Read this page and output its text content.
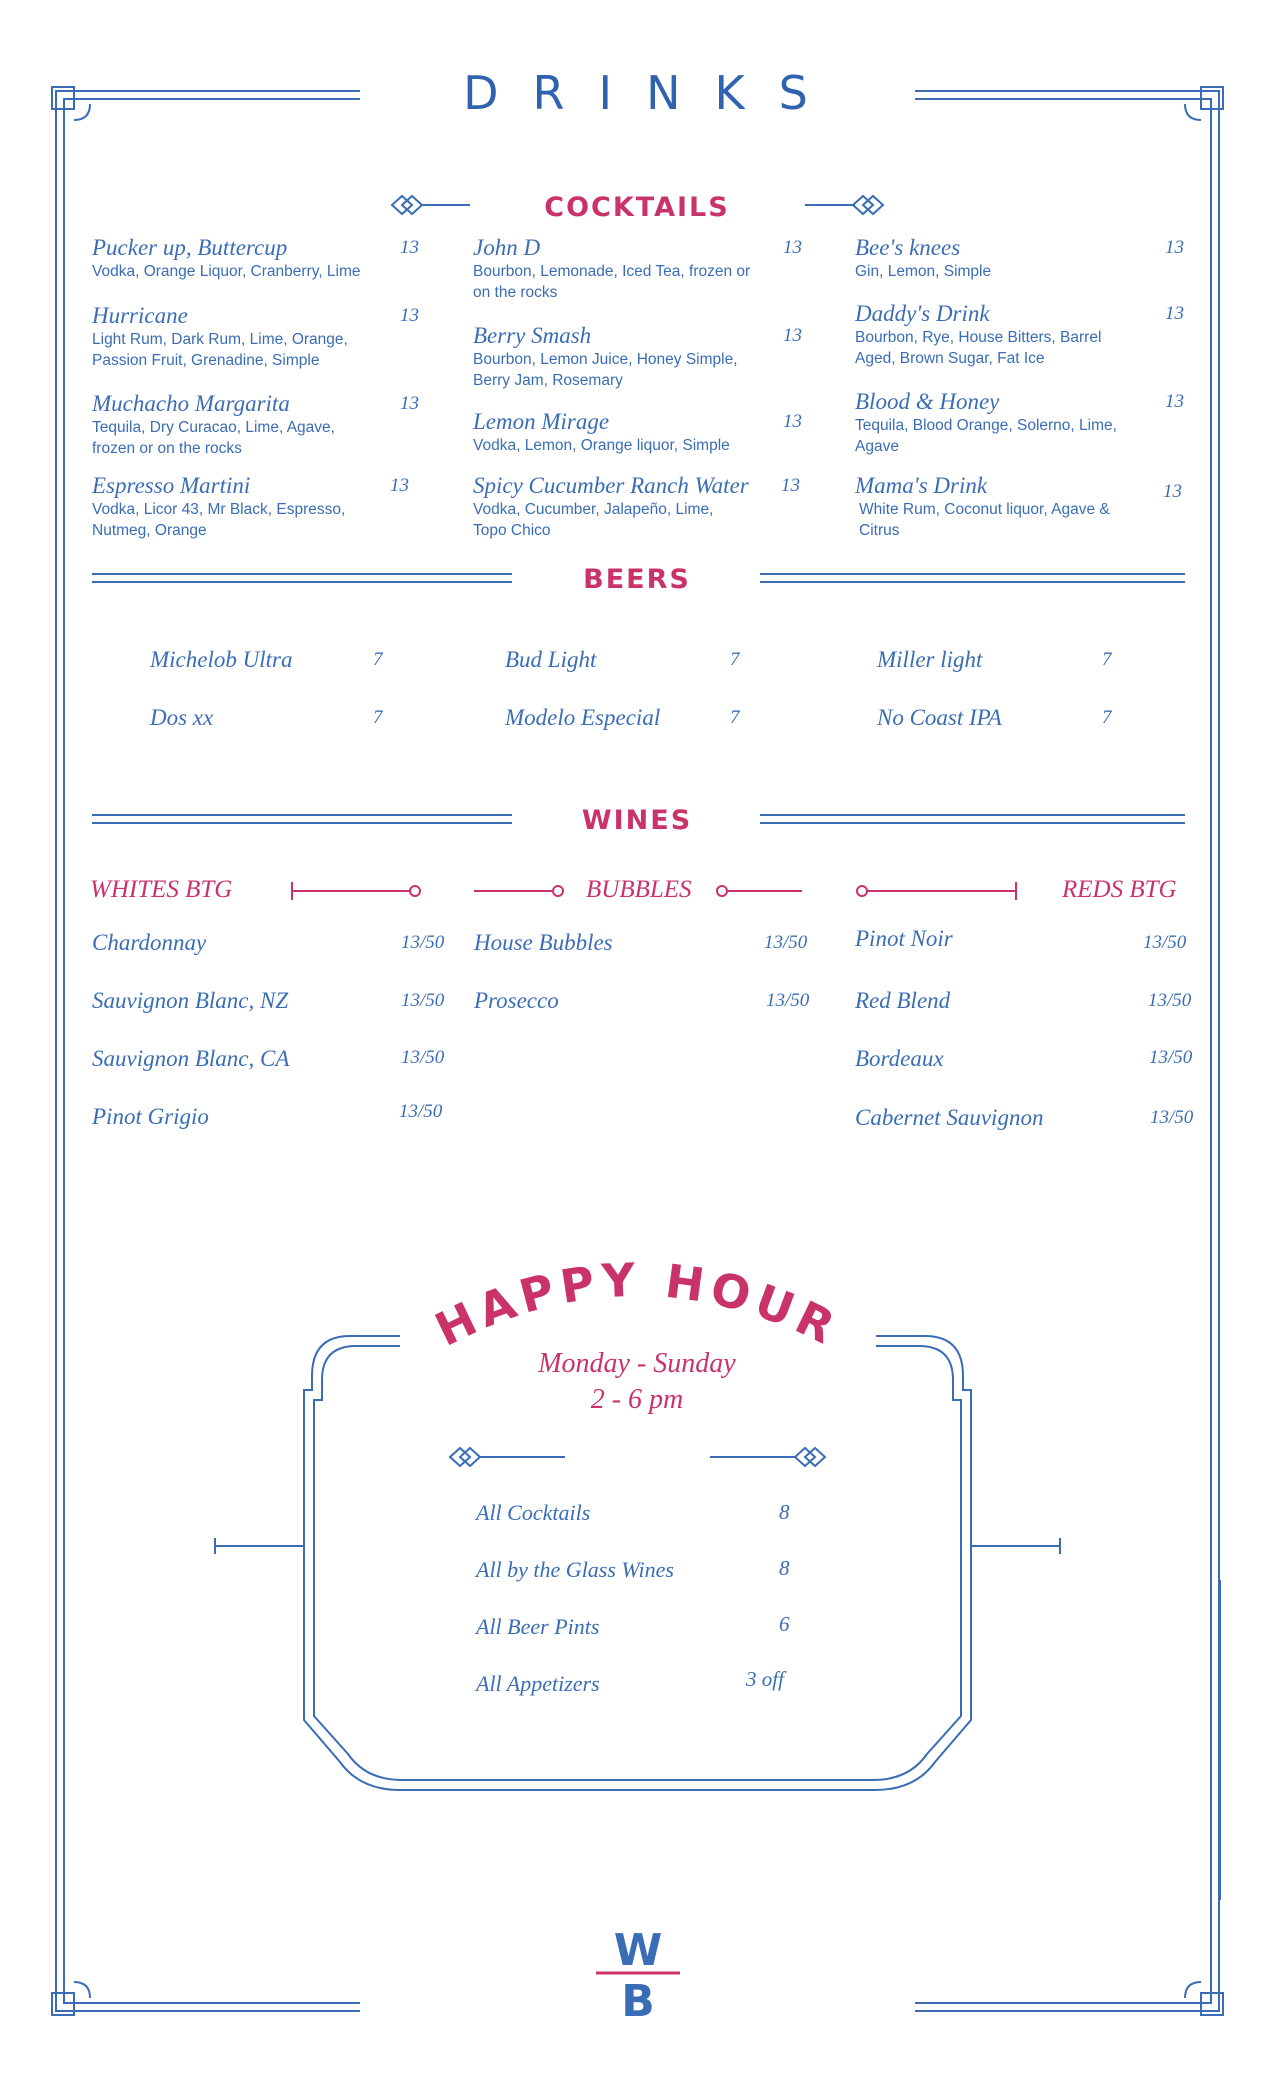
HAPPY HOUR
W
B
DRINKS
COCKTAILS
Pucker up, Buttercup	13
Vodka, Orange Liquor, Cranberry, Lime
Hurricane	13
Light Rum, Dark Rum, Lime, Orange, Passion Fruit, Grenadine, Simple
Muchacho Margarita	13
Tequila, Dry Curacao, Lime, Agave, frozen or on the rocks
Espresso Martini	13
Vodka, Licor 43, Mr Black, Espresso, Nutmeg, Orange
John D	13
Bourbon, Lemonade, Iced Tea, frozen or on the rocks
Berry Smash	13
Bourbon, Lemon Juice, Honey Simple, Berry Jam, Rosemary
Lemon Mirage	13
Vodka, Lemon, Orange liquor, Simple
Spicy Cucumber Ranch Water	13
Vodka, Cucumber, Jalapeño, Lime, Topo Chico
Bee's knees	13
Gin, Lemon, Simple
Daddy's Drink	13
Bourbon, Rye, House Bitters, Barrel Aged, Brown Sugar, Fat Ice
Blood & Honey	13
Tequila, Blood Orange, Solerno, Lime, Agave
Mama's Drink	13
White Rum, Coconut liquor, Agave & Citrus
BEERS
Michelob Ultra	7	Bud Light	7	Miller light	7
Dos xx	7	Modelo Especial	7	No Coast IPA	7
WINES
WHITES BTG	BUBBLES	REDS BTG
Chardonnay	13/50
Sauvignon Blanc, NZ	13/50
Sauvignon Blanc, CA	13/50
Pinot Grigio	13/50
House Bubbles	13/50
Prosecco	13/50
Pinot Noir	13/50
Red Blend	13/50
Bordeaux	13/50
Cabernet Sauvignon	13/50
Monday - Sunday
2 - 6 pm
All Cocktails	8
All by the Glass Wines	8
All Beer Pints	6
All Appetizers	3 off
